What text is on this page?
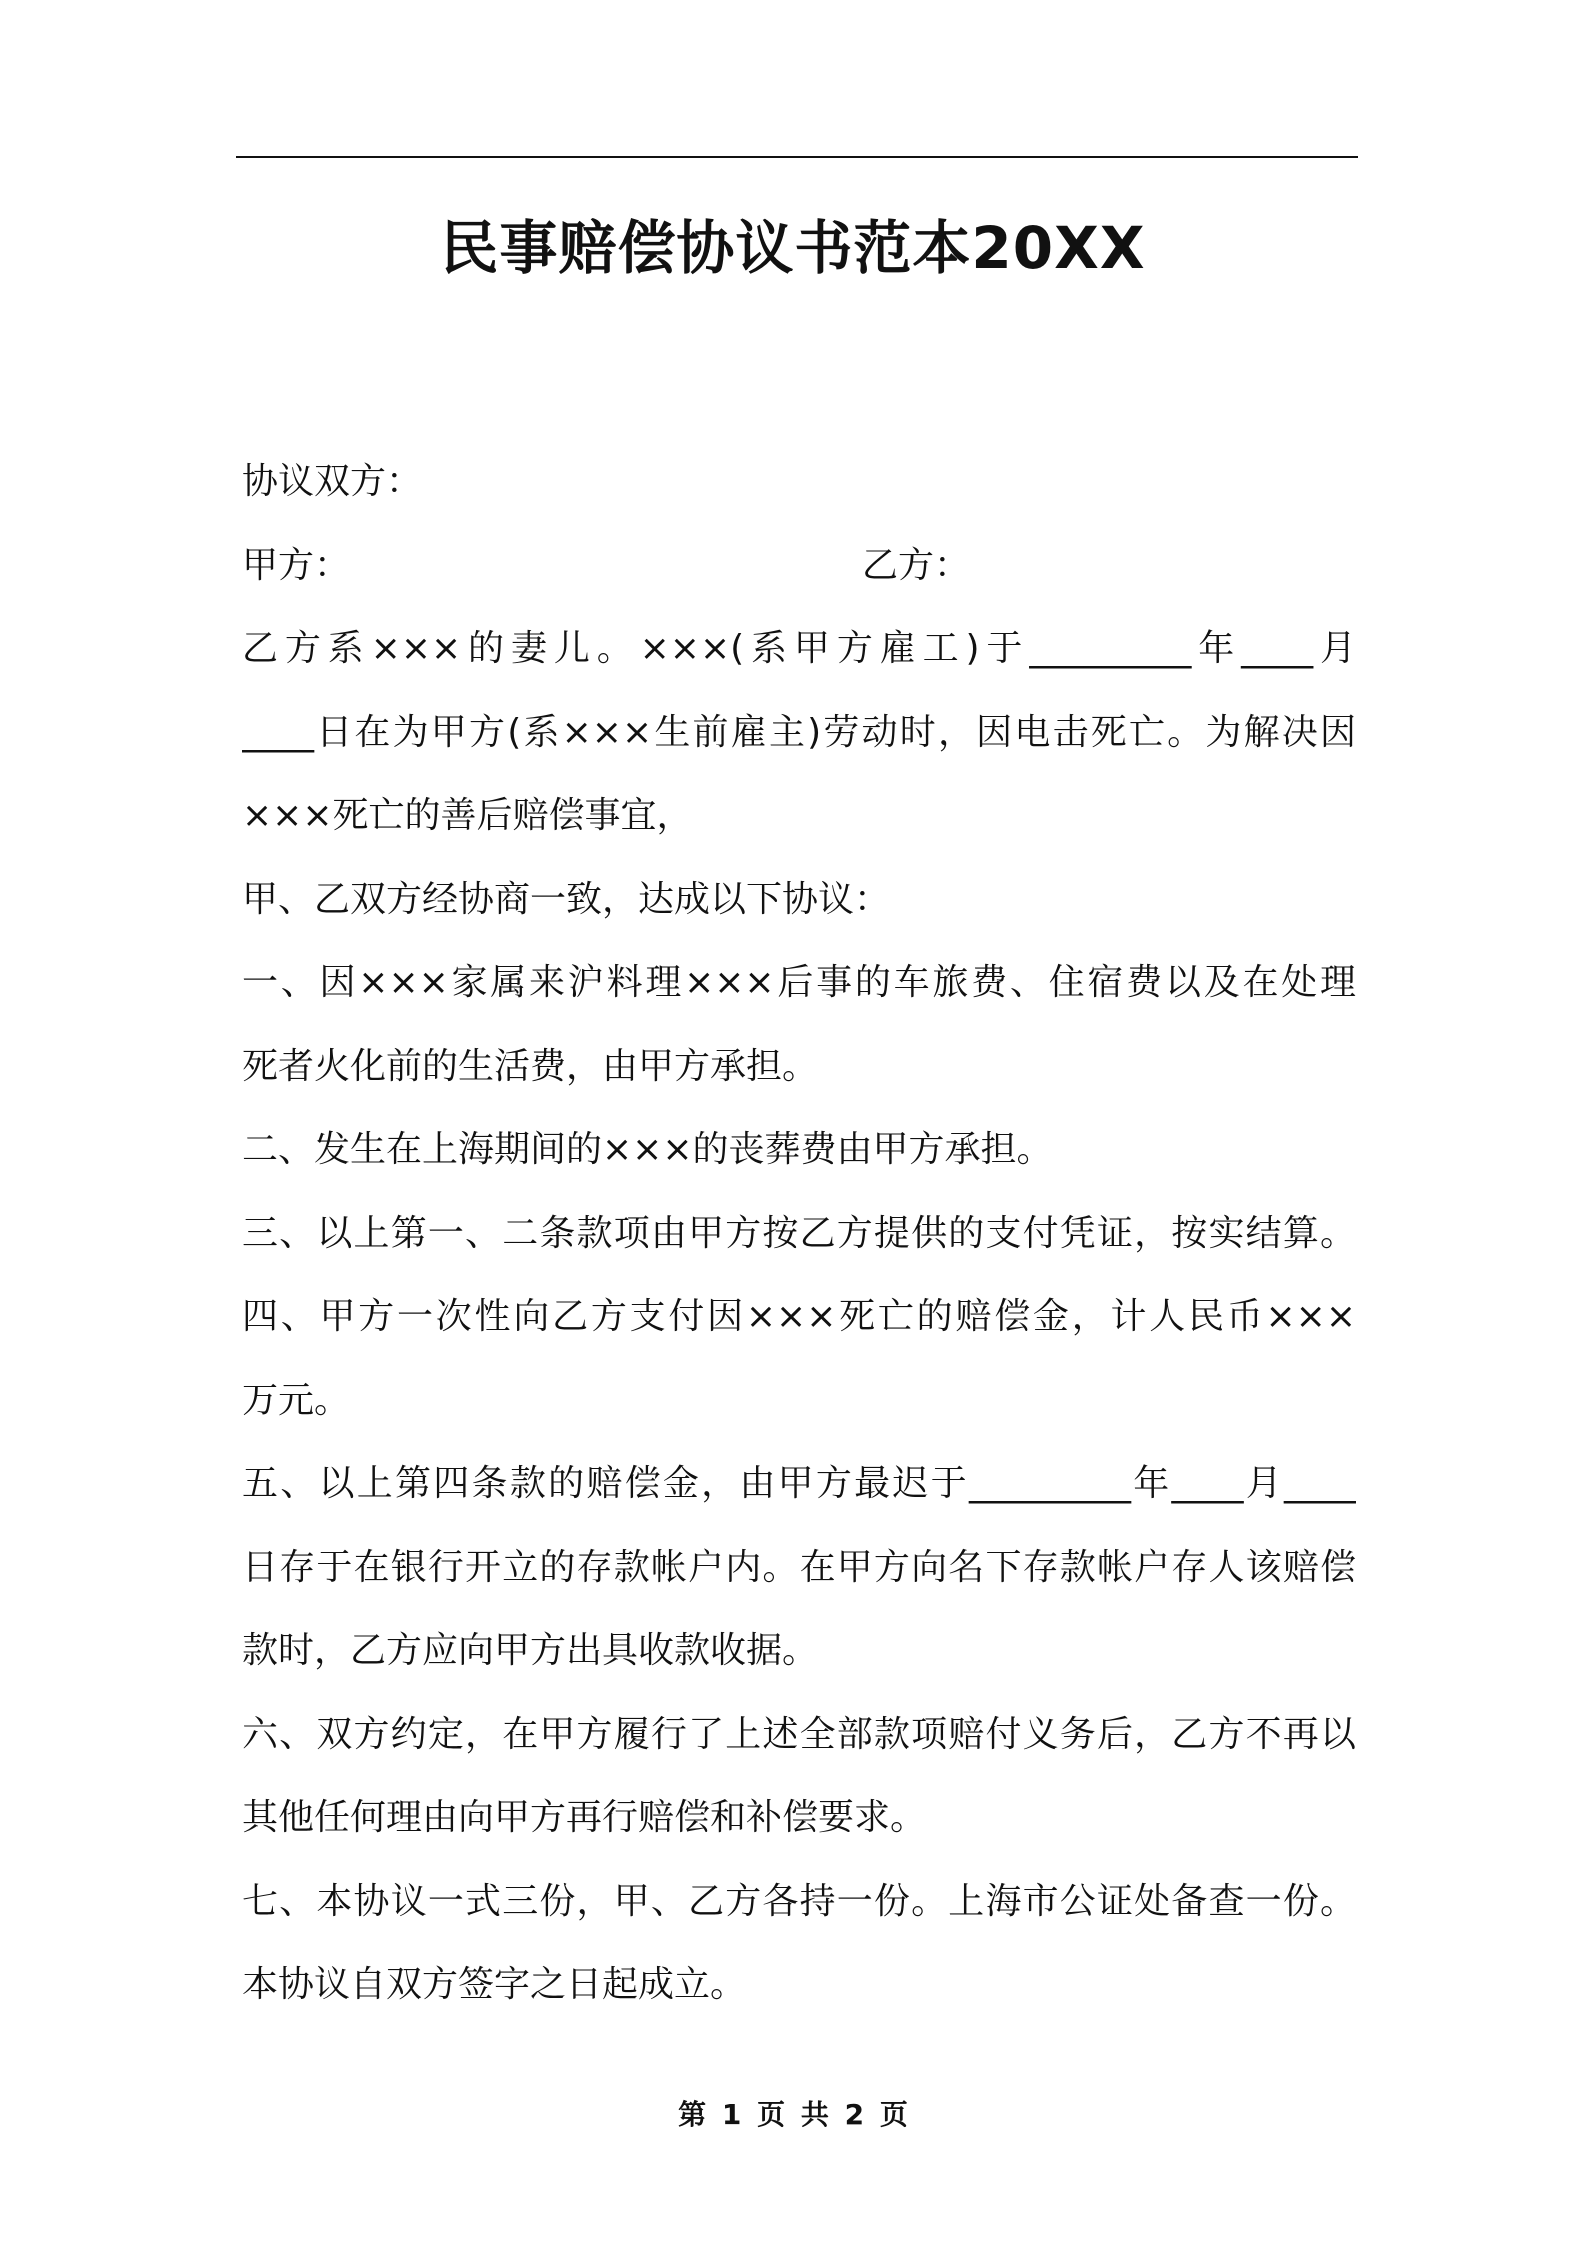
民事赔偿协议书范本20XX
协议双方：
甲方：	乙方：
乙方系×××的妻儿。×××(系甲方雇工)于_________年____月
____日在为甲方(系×××生前雇主)劳动时，因电击死亡。为解决因
×××死亡的善后赔偿事宜，
甲、乙双方经协商一致，达成以下协议：
一、因×××家属来沪料理×××后事的车旅费、住宿费以及在处理
死者火化前的生活费，由甲方承担。
二、发生在上海期间的×××的丧葬费由甲方承担。
三、以上第一、二条款项由甲方按乙方提供的支付凭证，按实结算。
四、甲方一次性向乙方支付因×××死亡的赔偿金，计人民币×××
万元。
五、以上第四条款的赔偿金，由甲方最迟于_________年____月____
日存于在银行开立的存款帐户内。在甲方向名下存款帐户存人该赔偿
款时，乙方应向甲方出具收款收据。
六、双方约定，在甲方履行了上述全部款项赔付义务后，乙方不再以
其他任何理由向甲方再行赔偿和补偿要求。
七、本协议一式三份，甲、乙方各持一份。上海市公证处备查一份。
本协议自双方签字之日起成立。
第 1 页 共 2 页
